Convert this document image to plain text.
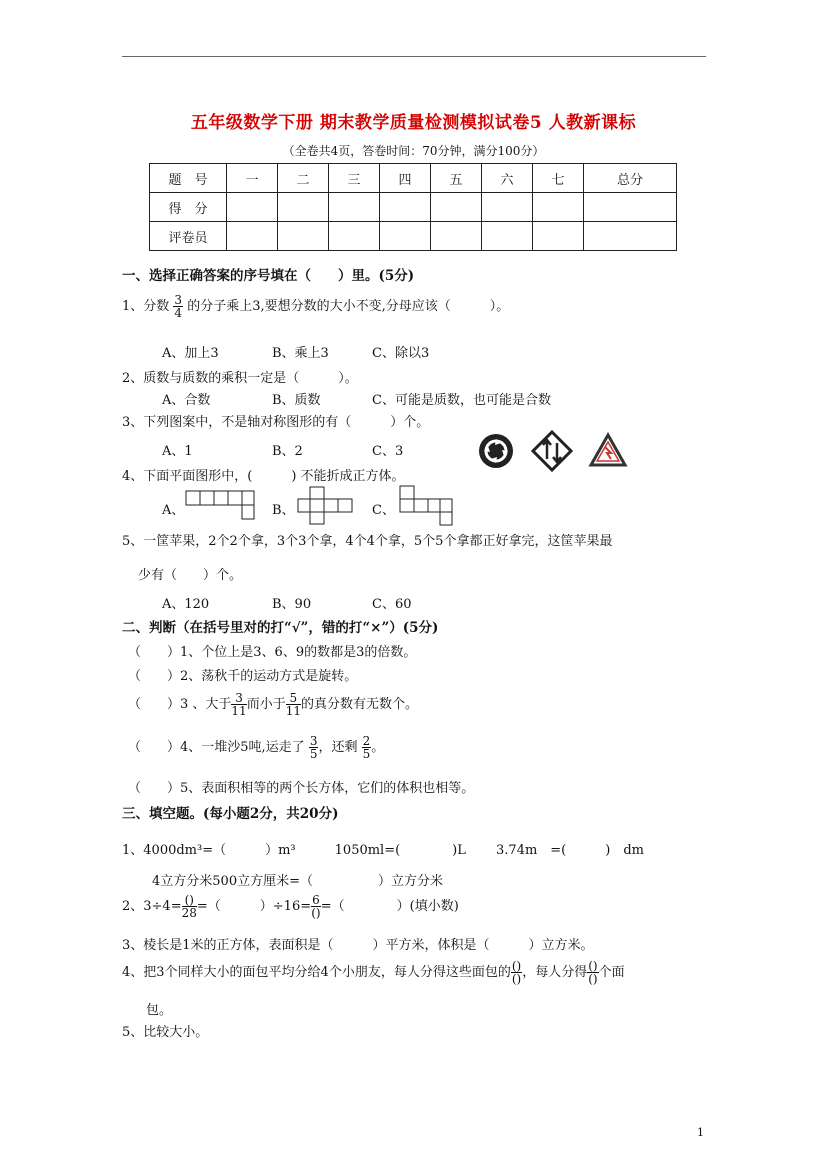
五年级数学下册 期末教学质量检测模拟试卷5 人教新课标
（全卷共4页，答卷时间：70分钟，满分100分）
题　号	一	二	三	四	五	六	七	总分
得　分								
评卷员								
一、选择正确答案的序号填在（　　）里。(5分)
1、分数 $\frac{3}{4}$ 的分子乘上3,要想分数的大小不变,分母应该（　　　）。
A、加上3	B、乘上3	C、除以3
2、质数与质数的乘积一定是（　　　）。
A、合数	B、质数	C、可能是质数，也可能是合数
3、下列图案中，不是轴对称图形的有（　　　）个。
A、1	B、2	C、3
4、下面平面图形中，(　　　) 不能折成正方体。
A、	B、	C、
5、一筐苹果，2个2个拿，3个3个拿，4个4个拿，5个5个拿都正好拿完，这筐苹果最
少有（　　）个。
A、120	B、90	C、60
二、判断（在括号里对的打“√”，错的打“×”）(5分)
（　　）1、个位上是3、6、9的数都是3的倍数。
（　　）2、荡秋千的运动方式是旋转。
（　　）3 、大于 $\frac{3}{11}$ 而小于 $\frac{5}{11}$ 的真分数有无数个。
（　　）4、一堆沙5吨,运走了 $\frac{3}{5}$ ，还剩 $\frac{2}{5}$ 。
（　　）5、表面积相等的两个长方体，它们的体积也相等。
三、填空题。(每小题2分，共20分)
1、4000dm³=（　　　）m³　　　1050ml=(　　　　)L　　 3.74m　=(　　　)　dm
4立方分米500立方厘米=（　　　　　）立方分米
2、$3\div 4= \frac{()}{28}$ =（　　　）$\div 16= \frac{6}{()}$ =（　　　　）(填小数)
3、棱长是1米的正方体，表面积是（　　　）平方米，体积是（　　　）立方米。
4、把3个同样大小的面包平均分给4个小朋友，每人分得这些面包的 $\frac{()}{()}$ ，每人分得 $\frac{()}{()}$ 个面
包。
5、比较大小。
1
